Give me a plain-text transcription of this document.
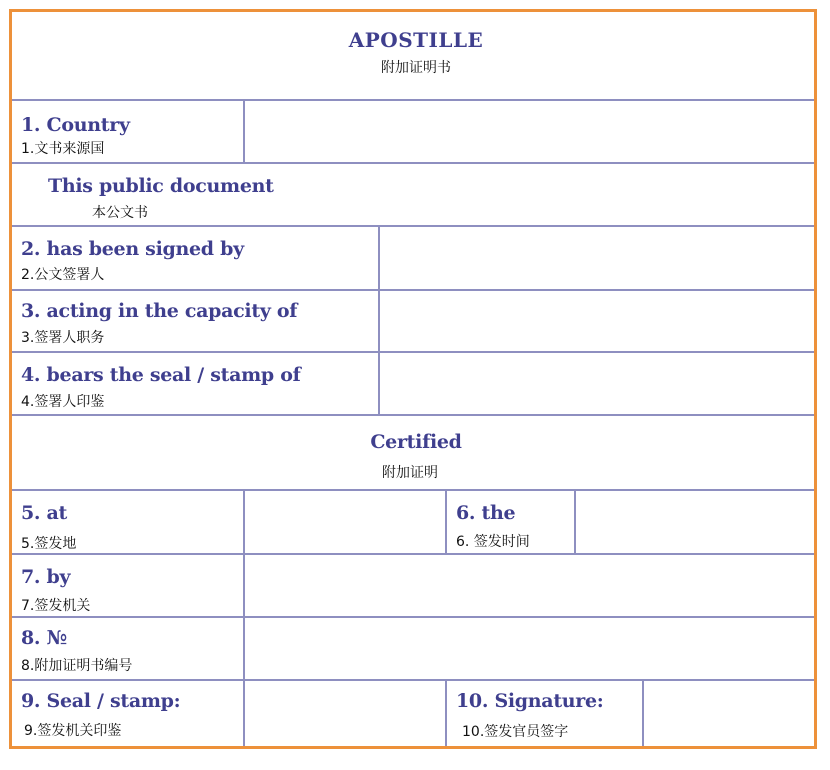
APOSTILLE
附加证明书
1. Country
1.文书来源国
This public document
本公文书
2. has been signed by
2.公文签署人
3. acting in the capacity of
3.签署人职务
4. bears the seal / stamp of
4.签署人印鉴
Certified
附加证明
5. at
5.签发地
6. the
6. 签发时间
7. by
7.签发机关
8. №
8.附加证明书编号
9. Seal / stamp:
9.签发机关印鉴
10. Signature:
10.签发官员签字
